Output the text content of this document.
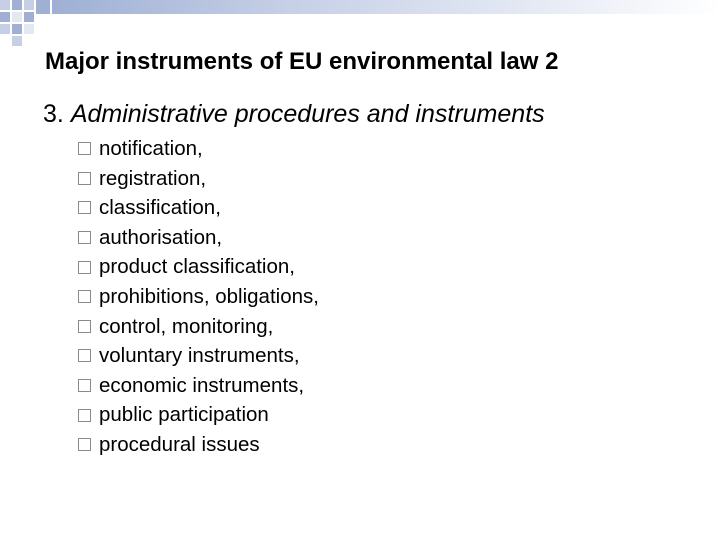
Major instruments of EU environmental law 2
3. Administrative procedures and instruments
notification,
registration,
classification,
authorisation,
product classification,
prohibitions, obligations,
control, monitoring,
voluntary instruments,
economic instruments,
public participation
procedural issues
